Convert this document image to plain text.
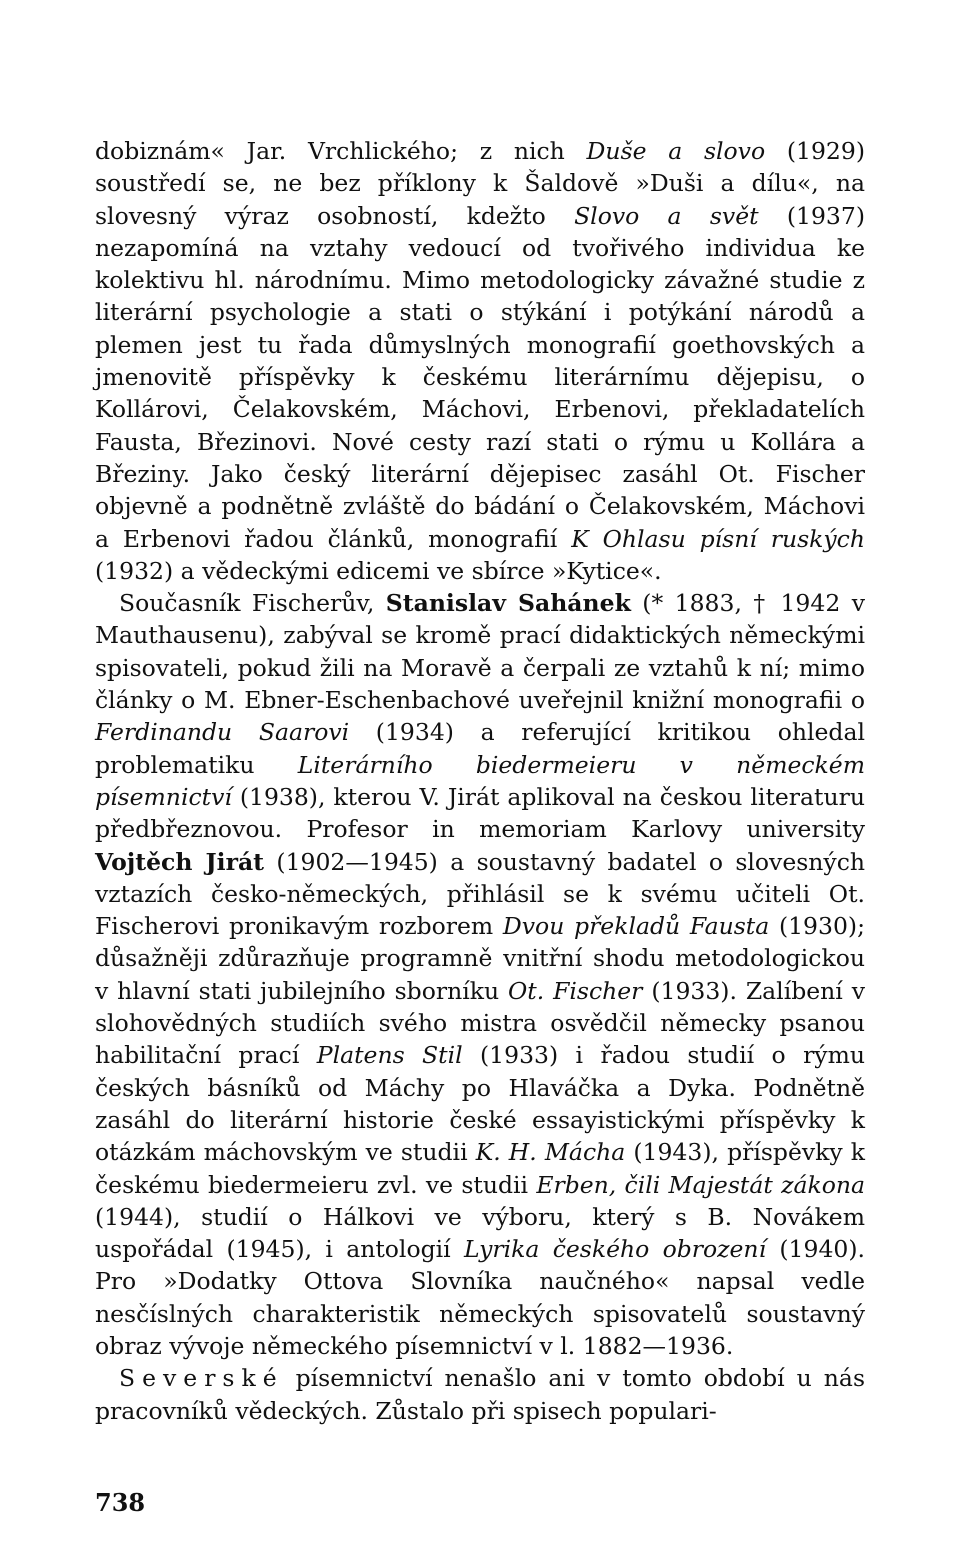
dobiznám« Jar. Vrchlického; z nich Duše a slovo (1929) soustředí se, ne bez příklony k Šaldově »Duši a dílu«, na slovesný výraz osobností, kdežto Slovo a svět (1937) nezapomíná na vztahy vedoucí od tvořivého individua ke kolektivu hl. národnímu. Mimo metodologicky závažné studie z literární psychologie a stati o stýkání i potýkání národů a plemen jest tu řada důmyslných monografií goethovských a jmenovitě příspěvky k českému literárnímu dějepisu, o Kollárovi, Čelakovském, Máchovi, Erbenovi, překladatelích Fausta, Březinovi. Nové cesty razí stati o rýmu u Kollára a Březiny. Jako český literární dějepisec zasáhl Ot. Fischer objevně a podnětně zvláště do bádání o Čelakovském, Máchovi a Erbenovi řadou článků, monografií K Ohlasu písní ruských (1932) a vědeckými edicemi ve sbírce »Kytice«.

Současník Fischerův, Stanislav Sahánek (* 1883, † 1942 v Mauthausenu), zabýval se kromě prací didaktických německými spisovateli, pokud žili na Moravě a čerpali ze vztahů k ní; mimo články o M. Ebner-Eschenbachové uveřejnil knižní monografii o Ferdinandu Saarovi (1934) a referující kritikou ohledal problematiku Literárního biedermeieru v německém písemnictví (1938), kterou V. Jirát aplikoval na českou literaturu předbřeznovou. Profesor in memoriam Karlovy university Vojtěch Jirát (1902—1945) a soustavný badatel o slovesných vztazích česko-německých, přihlásil se k svému učiteli Ot. Fischerovi pronikavým rozborem Dvou překladů Fausta (1930); důsažněji zdůrazňuje programně vnitřní shodu metodologickou v hlavní stati jubilejního sborníku Ot. Fischer (1933). Zalíbení v slohovědných studiích svého mistra osvědčil německy psanou habilitační prací Platens Stil (1933) i řadou studií o rýmu českých básníků od Máchy po Hlaváčka a Dyka. Podnětně zasáhl do literární historie české essayistickými příspěvky k otázkám máchovským ve studii K. H. Mácha (1943), příspěvky k českému biedermeieru zvl. ve studii Erben, čili Majestát zákona (1944), studií o Hálkovi ve výboru, který s B. Novákem uspořádal (1945), i antologií Lyrika českého obrození (1940). Pro »Dodatky Ottova Slovníka naučného« napsal vedle nesčíslných charakteristik německých spisovatelů soustavný obraz vývoje německého písemnictví v l. 1882—1936.

Severské písemnictví nenašlo ani v tomto období u nás pracovníků vědeckých. Zůstalo při spisech populari-

738
